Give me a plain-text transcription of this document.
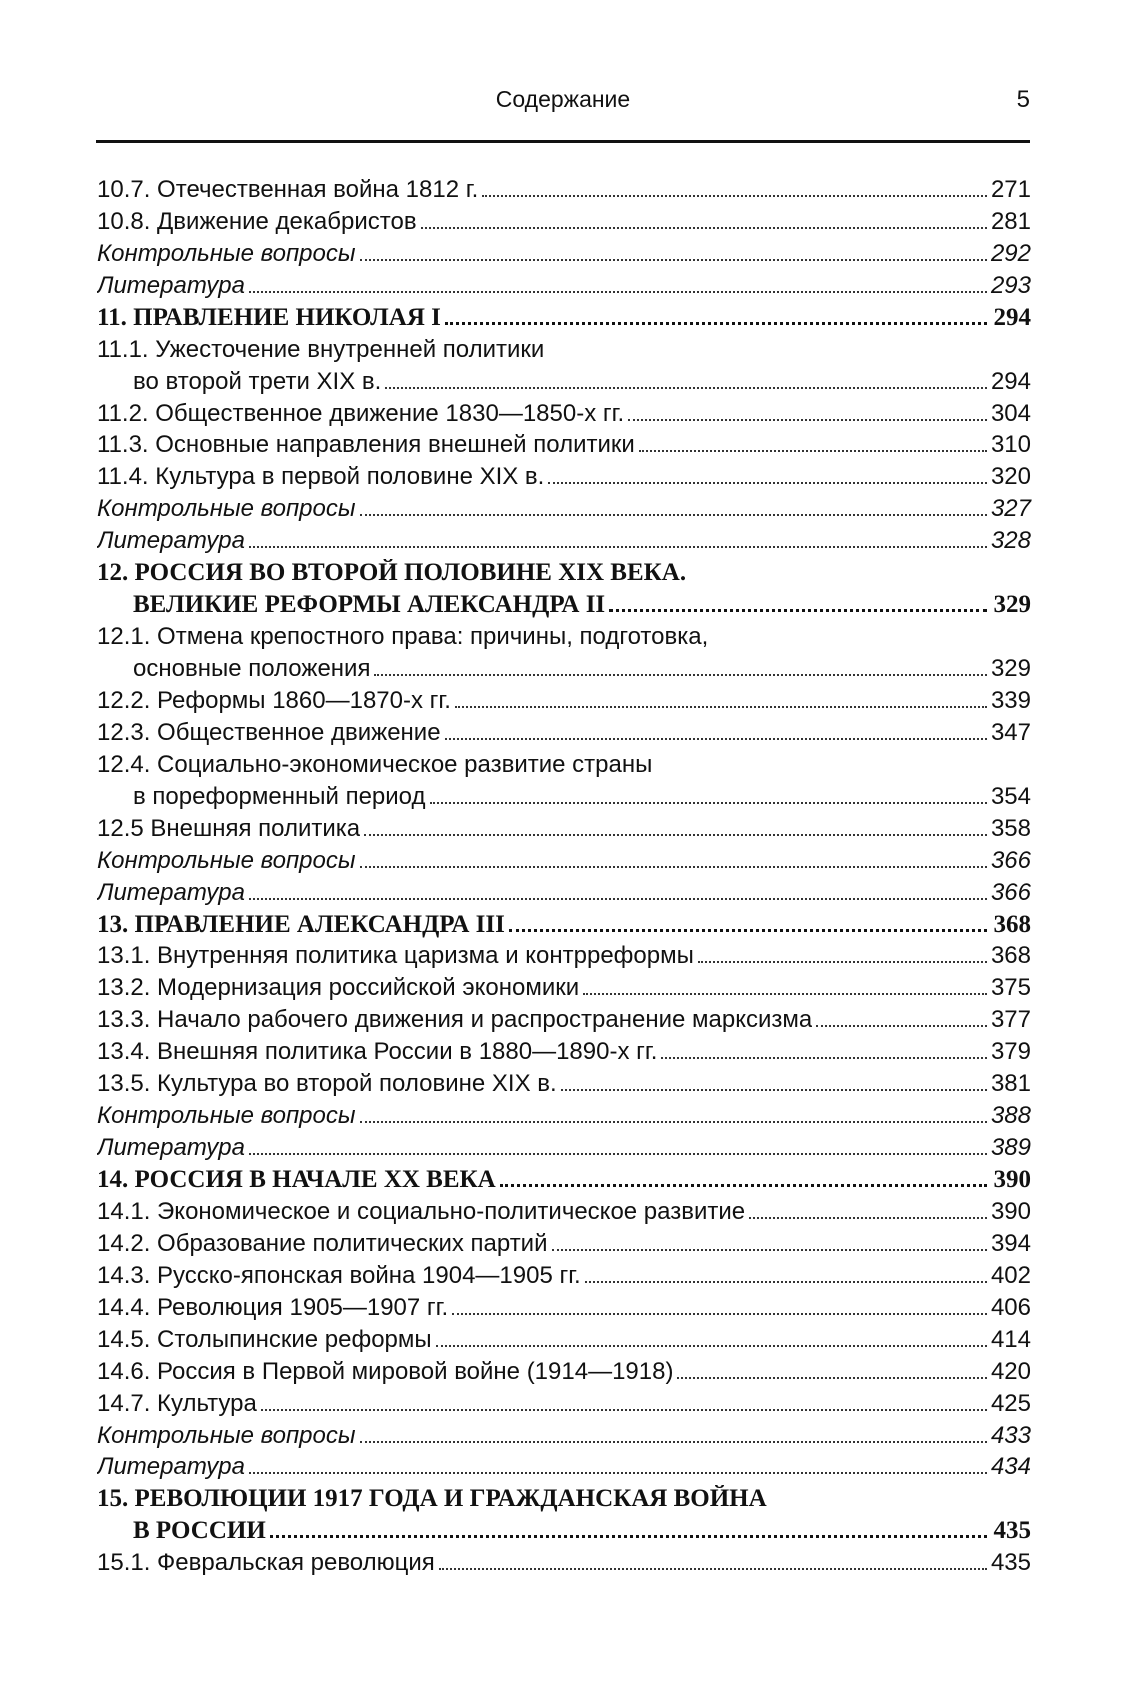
Содержание	5
10.7. Отечественная война 1812 г.	271
10.8. Движение декабристов	281
Контрольные вопросы	292
Литература	293
11. ПРАВЛЕНИЕ НИКОЛАЯ I	294
11.1. Ужесточение внутренней политики
во второй трети XIX в.	294
11.2. Общественное движение 1830—1850-х гг.	304
11.3. Основные направления внешней политики	310
11.4. Культура в первой половине XIX в.	320
Контрольные вопросы	327
Литература	328
12. РОССИЯ ВО ВТОРОЙ ПОЛОВИНЕ XIX ВЕКА.
ВЕЛИКИЕ РЕФОРМЫ АЛЕКСАНДРА II	329
12.1. Отмена крепостного права: причины, подготовка,
основные положения	329
12.2. Реформы 1860—1870-х гг.	339
12.3. Общественное движение	347
12.4. Социально-экономическое развитие страны
в пореформенный период	354
12.5 Внешняя политика	358
Контрольные вопросы	366
Литература	366
13. ПРАВЛЕНИЕ АЛЕКСАНДРА III	368
13.1. Внутренняя политика царизма и контрреформы	368
13.2. Модернизация российской экономики	375
13.3. Начало рабочего движения и распространение марксизма	377
13.4. Внешняя политика России в 1880—1890-х гг.	379
13.5. Культура во второй половине XIX в.	381
Контрольные вопросы	388
Литература	389
14. РОССИЯ В НАЧАЛЕ XX ВЕКА	390
14.1. Экономическое и социально-политическое развитие	390
14.2. Образование политических партий	394
14.3. Русско-японская война 1904—1905 гг.	402
14.4. Революция 1905—1907 гг.	406
14.5. Столыпинские реформы	414
14.6. Россия в Первой мировой войне (1914—1918)	420
14.7. Культура	425
Контрольные вопросы	433
Литература	434
15. РЕВОЛЮЦИИ 1917 ГОДА И ГРАЖДАНСКАЯ ВОЙНА
В РОССИИ	435
15.1. Февральская революция	435
